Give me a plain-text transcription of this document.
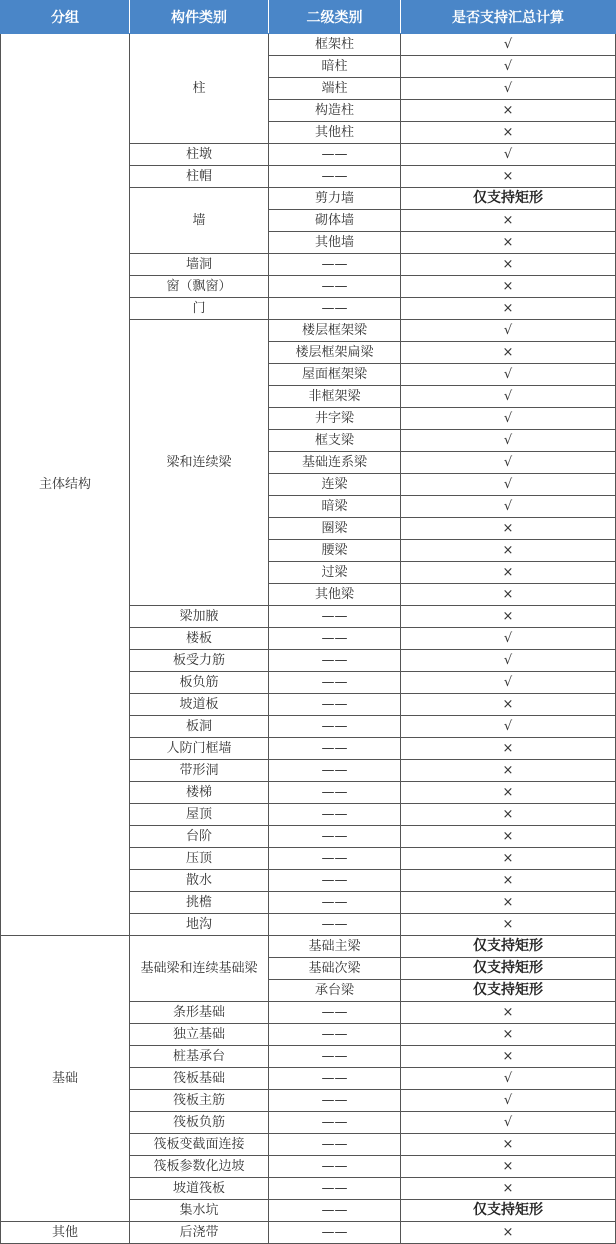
分组	构件类别	二级类别	是否支持汇总计算
主体结构	柱	框架柱	√
		暗柱	√
		端柱	√
		构造柱	×
		其他柱	×
	柱墩	——	√
	柱帽	——	×
	墙	剪力墙	仅支持矩形
		砌体墙	×
		其他墙	×
	墙洞	——	×
	窗（飘窗）	——	×
	门	——	×
	梁和连续梁	楼层框架梁	√
		楼层框架扁梁	×
		屋面框架梁	√
		非框架梁	√
		井字梁	√
		框支梁	√
		基础连系梁	√
		连梁	√
		暗梁	√
		圈梁	×
		腰梁	×
		过梁	×
		其他梁	×
	梁加腋	——	×
	楼板	——	√
	板受力筋	——	√
	板负筋	——	√
	坡道板	——	×
	板洞	——	√
	人防门框墙	——	×
	带形洞	——	×
	楼梯	——	×
	屋顶	——	×
	台阶	——	×
	压顶	——	×
	散水	——	×
	挑檐	——	×
	地沟	——	×
基础	基础梁和连续基础梁	基础主梁	仅支持矩形
		基础次梁	仅支持矩形
		承台梁	仅支持矩形
	条形基础	——	×
	独立基础	——	×
	桩基承台	——	×
	筏板基础	——	√
	筏板主筋	——	√
	筏板负筋	——	√
	筏板变截面连接	——	×
	筏板参数化边坡	——	×
	坡道筏板	——	×
	集水坑	——	仅支持矩形
其他	后浇带	——	×
